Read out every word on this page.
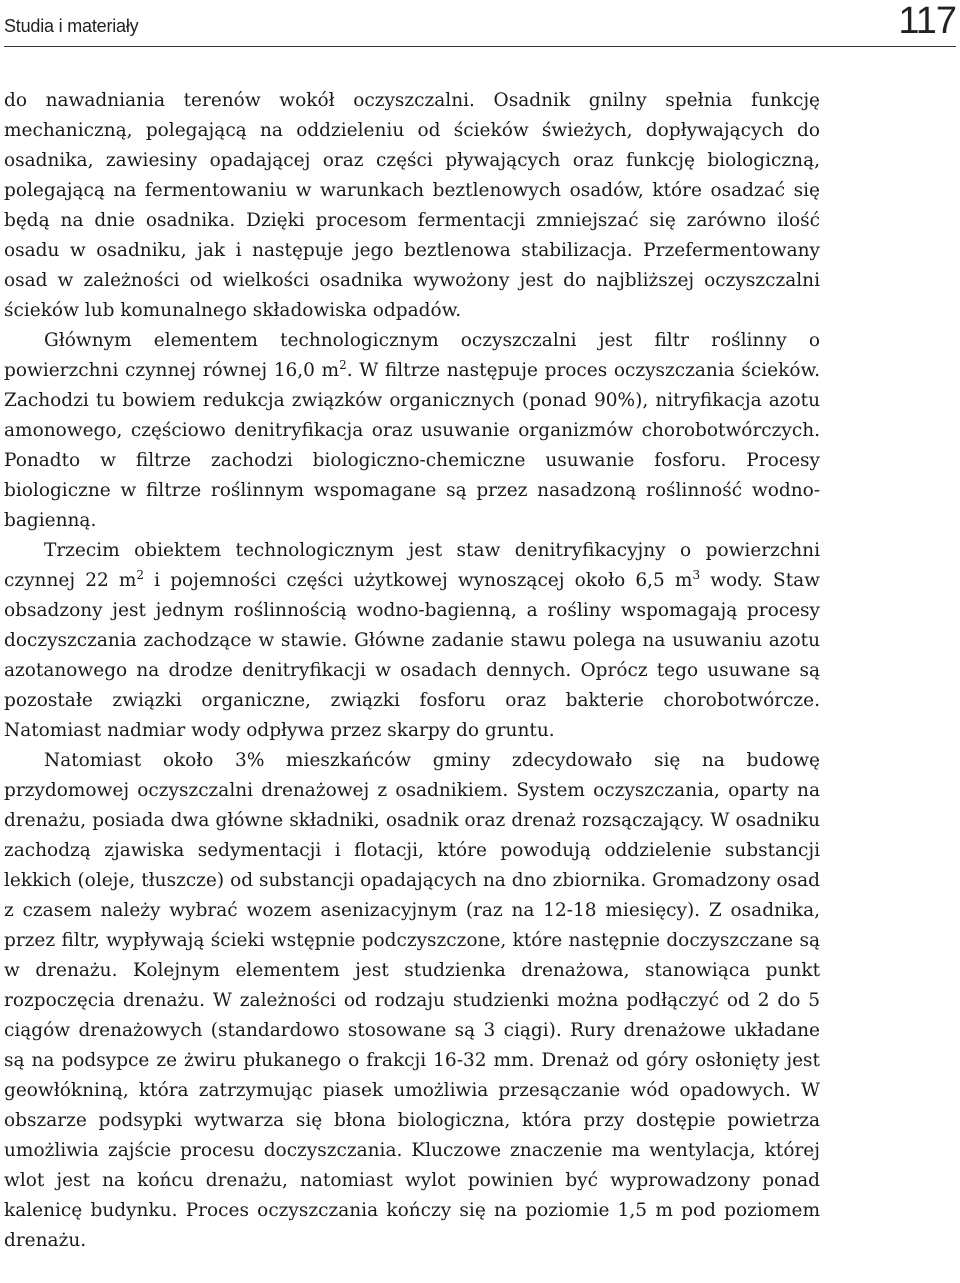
Studia i materiały	117

do nawadniania terenów wokół oczyszczalni. Osadnik gnilny spełnia funkcję mechaniczną, polegającą na oddzieleniu od ścieków świeżych, dopływających do osadnika, zawiesiny opadającej oraz części pływających oraz funkcję biologiczną, polegającą na fermentowaniu w warunkach beztlenowych osadów, które osadzać się będą na dnie osadnika. Dzięki procesom fermentacji zmniejszać się zarówno ilość osadu w osadniku, jak i następuje jego beztlenowa stabilizacja. Przefermentowany osad w zależności od wielkości osadnika wywożony jest do najbliższej oczyszczalni ścieków lub komunalnego składowiska odpadów.

Głównym elementem technologicznym oczyszczalni jest filtr roślinny o powierzchni czynnej równej 16,0 $m^2$. W filtrze następuje proces oczyszczania ścieków. Zachodzi tu bowiem redukcja związków organicznych (ponad 90%), nitryfikacja azotu amonowego, częściowo denitryfikacja oraz usuwanie organizmów chorobotwórczych. Ponadto w filtrze zachodzi biologiczno-chemiczne usuwanie fosforu. Procesy biologiczne w filtrze roślinnym wspomagane są przez nasadzoną roślinność wodno-bagienną.

Trzecim obiektem technologicznym jest staw denitryfikacyjny o powierzchni czynnej 22 $m^2$ i pojemności części użytkowej wynoszącej około 6,5 $m^3$ wody. Staw obsadzony jest jednym roślinnością wodno-bagienną, a rośliny wspomagają procesy doczyszczania zachodzące w stawie. Główne zadanie stawu polega na usuwaniu azotu azotanowego na drodze denitryfikacji w osadach dennych. Oprócz tego usuwane są pozostałe związki organiczne, związki fosforu oraz bakterie chorobotwórcze. Natomiast nadmiar wody odpływa przez skarpy do gruntu.

Natomiast około 3% mieszkańców gminy zdecydowało się na budowę przydomowej oczyszczalni drenażowej z osadnikiem. System oczyszczania, oparty na drenażu, posiada dwa główne składniki, osadnik oraz drenaż rozsączający. W osadniku zachodzą zjawiska sedymentacji i flotacji, które powodują oddzielenie substancji lekkich (oleje, tłuszcze) od substancji opadających na dno zbiornika. Gromadzony osad z czasem należy wybrać wozem asenizacyjnym (raz na 12-18 miesięcy). Z osadnika, przez filtr, wypływają ścieki wstępnie podczyszczone, które następnie doczyszczane są w drenażu. Kolejnym elementem jest studzienka drenażowa, stanowiąca punkt rozpoczęcia drenażu. W zależności od rodzaju studzienki można podłączyć od 2 do 5 ciągów drenażowych (standardowo stosowane są 3 ciągi). Rury drenażowe układane są na podsypce ze żwiru płukanego o frakcji 16-32 mm. Drenaż od góry osłonięty jest geowłókniną, która zatrzymując piasek umożliwia przesączanie wód opadowych. W obszarze podsypki wytwarza się błona biologiczna, która przy dostępie powietrza umożliwia zajście procesu doczyszczania. Kluczowe znaczenie ma wentylacja, której wlot jest na końcu drenażu, natomiast wylot powinien być wyprowadzony ponad kalenicę budynku. Proces oczyszczania kończy się na poziomie 1,5 m pod poziomem drenażu.
